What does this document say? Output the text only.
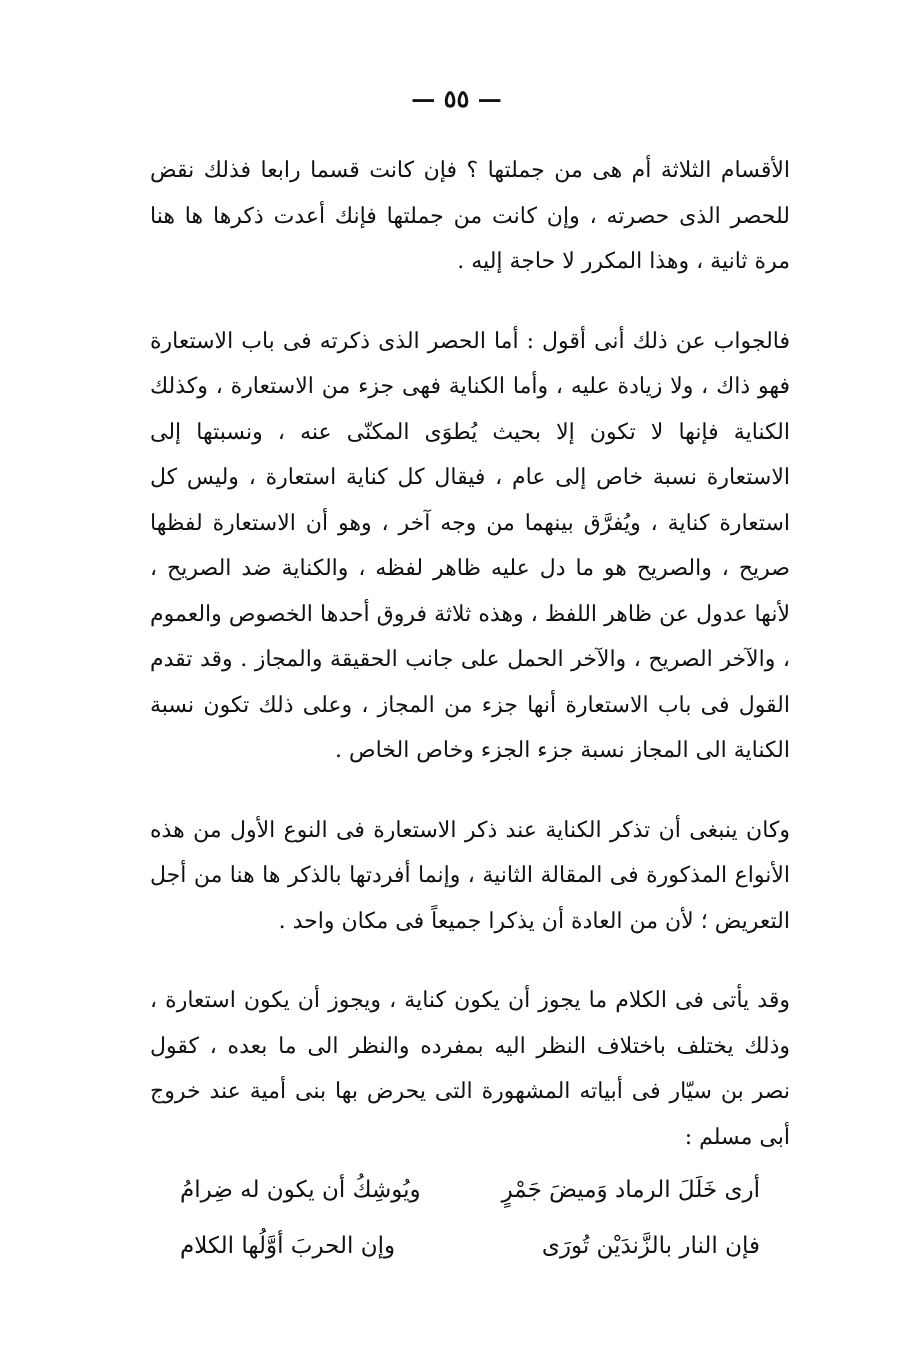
— ٥٥ —

الأقسام الثلاثة أم هى من جملتها ؟ فإن كانت قسما رابعا فذلك نقض للحصر الذى حصرته ، وإن كانت من جملتها فإنك أعدت ذكرها ها هنا مرة ثانية ، وهذا المكرر لا حاجة إليه .

فالجواب عن ذلك أنى أقول : أما الحصر الذى ذكرته فى باب الاستعارة فهو ذاك ، ولا زيادة عليه ، وأما الكناية فهى جزء من الاستعارة ، وكذلك الكناية فإنها لا تكون إلا بحيث يُطوَى المكنّى عنه ، ونسبتها إلى الاستعارة نسبة خاص إلى عام ، فيقال كل كناية استعارة ، وليس كل استعارة كناية ، ويُفرَّق بينهما من وجه آخر ، وهو أن الاستعارة لفظها صريح ، والصريح هو ما دل عليه ظاهر لفظه ، والكناية ضد الصريح ، لأنها عدول عن ظاهر اللفظ ، وهذه ثلاثة فروق أحدها الخصوص والعموم ، والآخر الصريح ، والآخر الحمل على جانب الحقيقة والمجاز . وقد تقدم القول فى باب الاستعارة أنها جزء من المجاز ، وعلى ذلك تكون نسبة الكناية الى المجاز نسبة جزء الجزء وخاص الخاص .

وكان ينبغى أن تذكر الكناية عند ذكر الاستعارة فى النوع الأول من هذه الأنواع المذكورة فى المقالة الثانية ، وإنما أفردتها بالذكر ها هنا من أجل التعريض ؛ لأن من العادة أن يذكرا جميعاً فى مكان واحد .

وقد يأتى فى الكلام ما يجوز أن يكون كناية ، ويجوز أن يكون استعارة ، وذلك يختلف باختلاف النظر اليه بمفرده والنظر الى ما بعده ، كقول نصر بن سيّار فى أبياته المشهورة التى يحرض بها بنى أمية عند خروج أبى مسلم :

أرى خَلَلَ الرماد وَميضَ جَمْرٍ
ويُوشِكُ أن يكون له ضِرامُ
فإن النار بالزَّندَيْن تُورَى
وإن الحربَ أوَّلُها الكلام
